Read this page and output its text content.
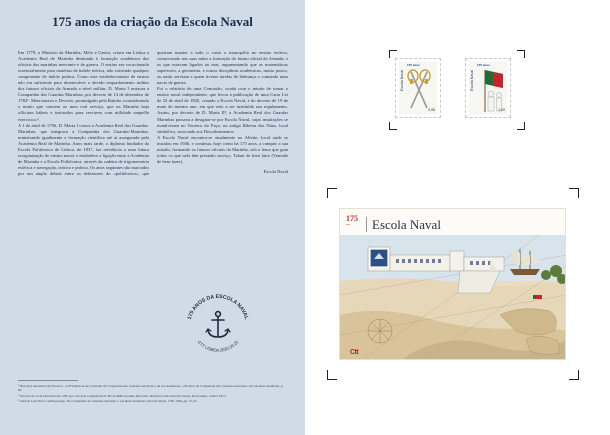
175 anos da criação da Escola Naval

Em 1779, o Ministro da Marinha, Melo e Castro, criava em Lisboa a Academia Real de Marinha destinada à formação académica dos oficiais das marinhas mercante e de guerra. O ensino era vocacionado essencialmente para matérias de índole teórica, não existindo qualquer componente de índole prática. Como este estabelecimento de ensino não era suficiente para desenvolver o devido enquadramento militar dos futuros oficiais da Armada a nível militar, D. Maria I restaura a Companhia dos Guardas Marinhas, por decreto de 14 de dezembro de 1782¹. Mencionava o Decreto, promulgado pela Rainha «considerando o muito que convem ao meu real serviço, que na Marinha haja officiaes hábeis e instruidos para servirem com utilidade naquelle exercicio»².

A 1 de abril de 1796, D. Maria I criava a Academia Real dos Guardas-Marinhas, que integrava a Companhia dos Guardas-Marinhas, ministrando igualmente a formação científica até ai assegurada pela Academia Real de Marinha. Anos mais tarde, o diploma fundador da Escola Politécnica de Lisboa, de 1837, faz referência a uma futura reorganização do ensino naval, e estabelece a ligação entre a Academia de Marinha e a Escola Politécnica, através da cadeira de trigonometria esférica e navegação, teórica e prática. Os anos seguintes são marcados por um amplo debate entre os defensores do «politécnico», que queriam manter a todo o custo o monopólio no ensino teórico, conservando nas suas mãos a formação do futuro oficial da Armada, e os que estavam ligados ao mar, argumentando que as matemáticas superiores, a geometria, e outras disciplinas académicas, muito pouco, ou nada, serviam a quem tivesse tarefas de liderança e comando num navio de guerra.

Foi o relatório de uma Comissão, criada com o intuito de tomar o ensino naval independente, que levou à publicação de uma Carta Lei de 23 de abril de 1845, criando a Escola Naval, e do decreto de 19 de maio do mesmo ano, em que veio a ser instituído um regulamento. Assim, por decreto de D. Maria II³, a Academia Real dos Guardas Marinhas passava a designar-se por Escola Naval, cujas instalações se mantiveram no Terreiro do Paço, na antiga Ribeira das Naus, local simbólico, associado aos Descobrimentos.

A Escola Naval encontra-se atualmente no Alfeite, local onde se instalou em 1946, e continua, hoje como há 175 anos, a cumprir a sua missão, formando os futuros oficiais da Marinha, sob o lema que guia todos os que nela têm prestado serviço, Talant de bien faire (Vontade de bem fazer).

Escola Naval

175 ANOS DA ESCOLA NAVAL
CTT LISBOA 2020.10.23

¹ Henrique Alexandre da Fonseca, «A Presidência da Comissão da Companhia dos Guardas-marinhas e da sua Academia», 200 Anos de Companhia dos Guardas-marinhas e da sua Real Academia, p. 66.

² Decreto de 14 de Dezembro de 1782 que cria uma Companhia de 48 GG.MM.Guardas-Marinhas, Biblioteca Nacional de Lisboa, Reservados, Códice 6473.

³ António Luís Porto e Albuquerque, Da Companhia de Guardas-marinhas e sua Real Academia à Escola Naval, 1782-1982, pp. 15-16.

175 anos
Escola Naval
0,55
175 anos
Escola Naval
1,00
175
anos	Escola Naval
Ctt
